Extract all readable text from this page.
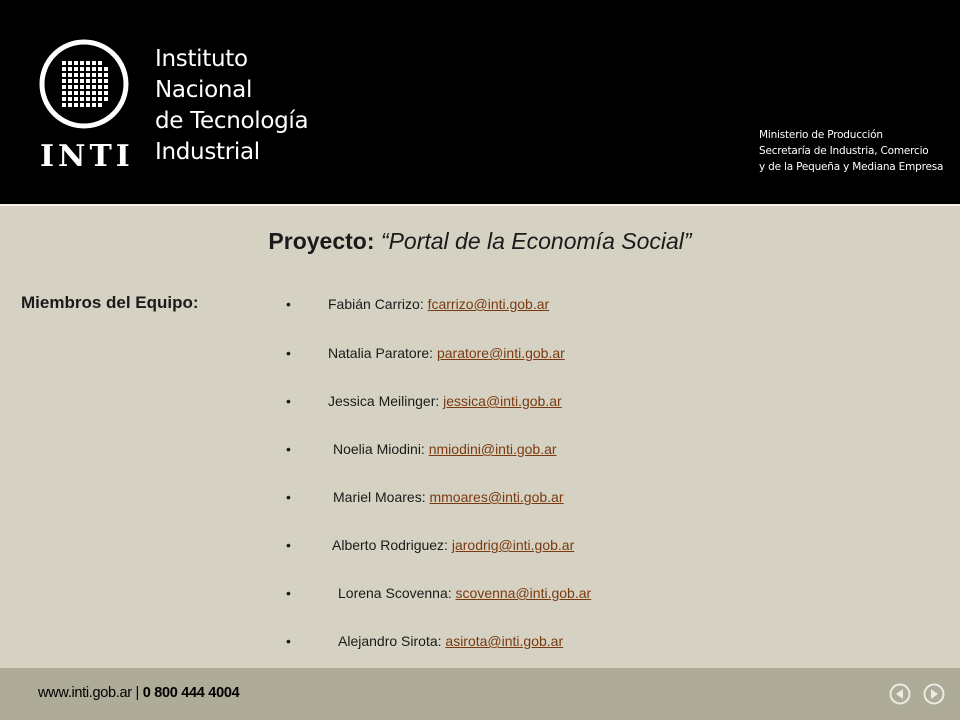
INTI
Instituto
Nacional
de Tecnología
Industrial
Ministerio de Producción
Secretaría de Industria, Comercio
y de la Pequeña y Mediana Empresa
Proyecto: “Portal de la Economía Social”
Miembros del Equipo:	•	Fabián Carrizo: fcarrizo@inti.gob.ar
•	Natalia Paratore: paratore@inti.gob.ar
•	Jessica Meilinger: jessica@inti.gob.ar
•	Noelia Miodini: nmiodini@inti.gob.ar
•	Mariel Moares: mmoares@inti.gob.ar
•	Alberto Rodriguez: jarodrig@inti.gob.ar
•	Lorena Scovenna: scovenna@inti.gob.ar
•	Alejandro Sirota: asirota@inti.gob.ar
www.inti.gob.ar | 0 800 444 4004
